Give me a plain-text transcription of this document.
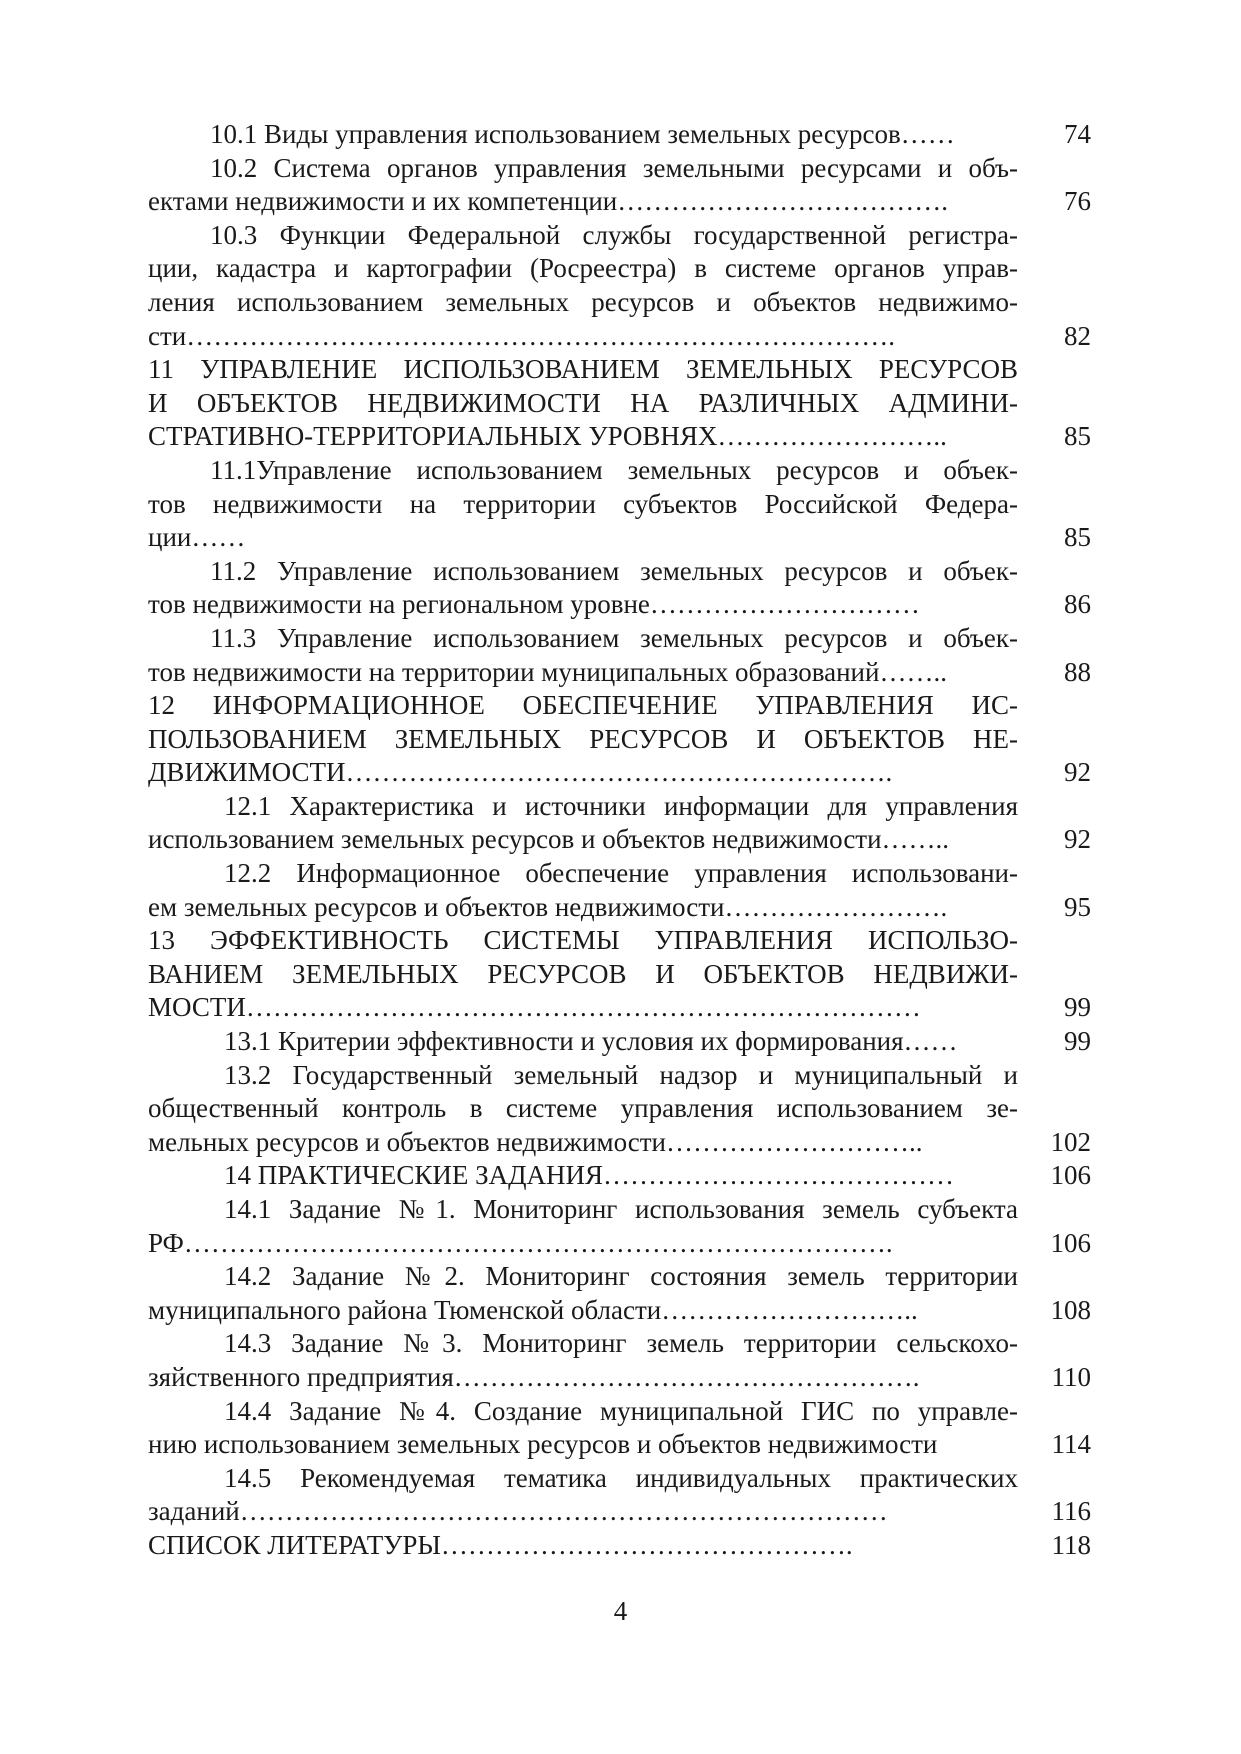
10.1 Виды управления использованием земельных ресурсов……	74
10.2 Система органов управления земельными ресурсами и объ-
ектами недвижимости и их компетенции……………………………….	76
10.3 Функции Федеральной службы государственной регистра-
ции, кадастра и картографии (Росреестра) в системе органов управ-
ления использованием земельных ресурсов и объектов недвижимо-
сти…………………………………………………………………….	82
11 УПРАВЛЕНИЕ ИСПОЛЬЗОВАНИЕМ ЗЕМЕЛЬНЫХ РЕСУРСОВ
И ОБЪЕКТОВ НЕДВИЖИМОСТИ НА РАЗЛИЧНЫХ АДМИНИ-
СТРАТИВНО-ТЕРРИТОРИАЛЬНЫХ УРОВНЯХ……………………..	85
11.1Управление использованием земельных ресурсов и объек-
тов недвижимости на территории субъектов Российской Федера-
ции……	85
11.2 Управление использованием земельных ресурсов и объек-
тов недвижимости на региональном уровне…………………………	86
11.3 Управление использованием земельных ресурсов и объек-
тов недвижимости на территории муниципальных образований……..	88
12 ИНФОРМАЦИОННОЕ ОБЕСПЕЧЕНИЕ УПРАВЛЕНИЯ ИС-
ПОЛЬЗОВАНИЕМ ЗЕМЕЛЬНЫХ РЕСУРСОВ И ОБЪЕКТОВ НЕ-
ДВИЖИМОСТИ…………………………………………………….	92
12.1 Характеристика и источники информации для управления
использованием земельных ресурсов и объектов недвижимости……..	92
12.2 Информационное обеспечение управления использовани-
ем земельных ресурсов и объектов недвижимости…………………….	95
13 ЭФФЕКТИВНОСТЬ СИСТЕМЫ УПРАВЛЕНИЯ ИСПОЛЬЗО-
ВАНИЕМ ЗЕМЕЛЬНЫХ РЕСУРСОВ И ОБЪЕКТОВ НЕДВИЖИ-
МОСТИ…………………………………………………………………	99
13.1 Критерии эффективности и условия их формирования……	99
13.2 Государственный земельный надзор и муниципальный и
общественный контроль в системе управления использованием зе-
мельных ресурсов и объектов недвижимости………………………..	102
14 ПРАКТИЧЕСКИЕ ЗАДАНИЯ…………………………………	106
14.1 Задание №1. Мониторинг использования земель субъекта
РФ…………………………………………………………………….	106
14.2 Задание №2. Мониторинг состояния земель территории
муниципального района Тюменской области………………………..	108
14.3 Задание №3. Мониторинг земель территории сельскохо-
зяйственного предприятия…………………………………………….	110
14.4 Задание №4. Создание муниципальной ГИС по управле-
нию использованием земельных ресурсов и объектов недвижимости	114
14.5 Рекомендуемая тематика индивидуальных практических
заданий………………………………………………………………	116
СПИСОК ЛИТЕРАТУРЫ……………………………………….	118
4
